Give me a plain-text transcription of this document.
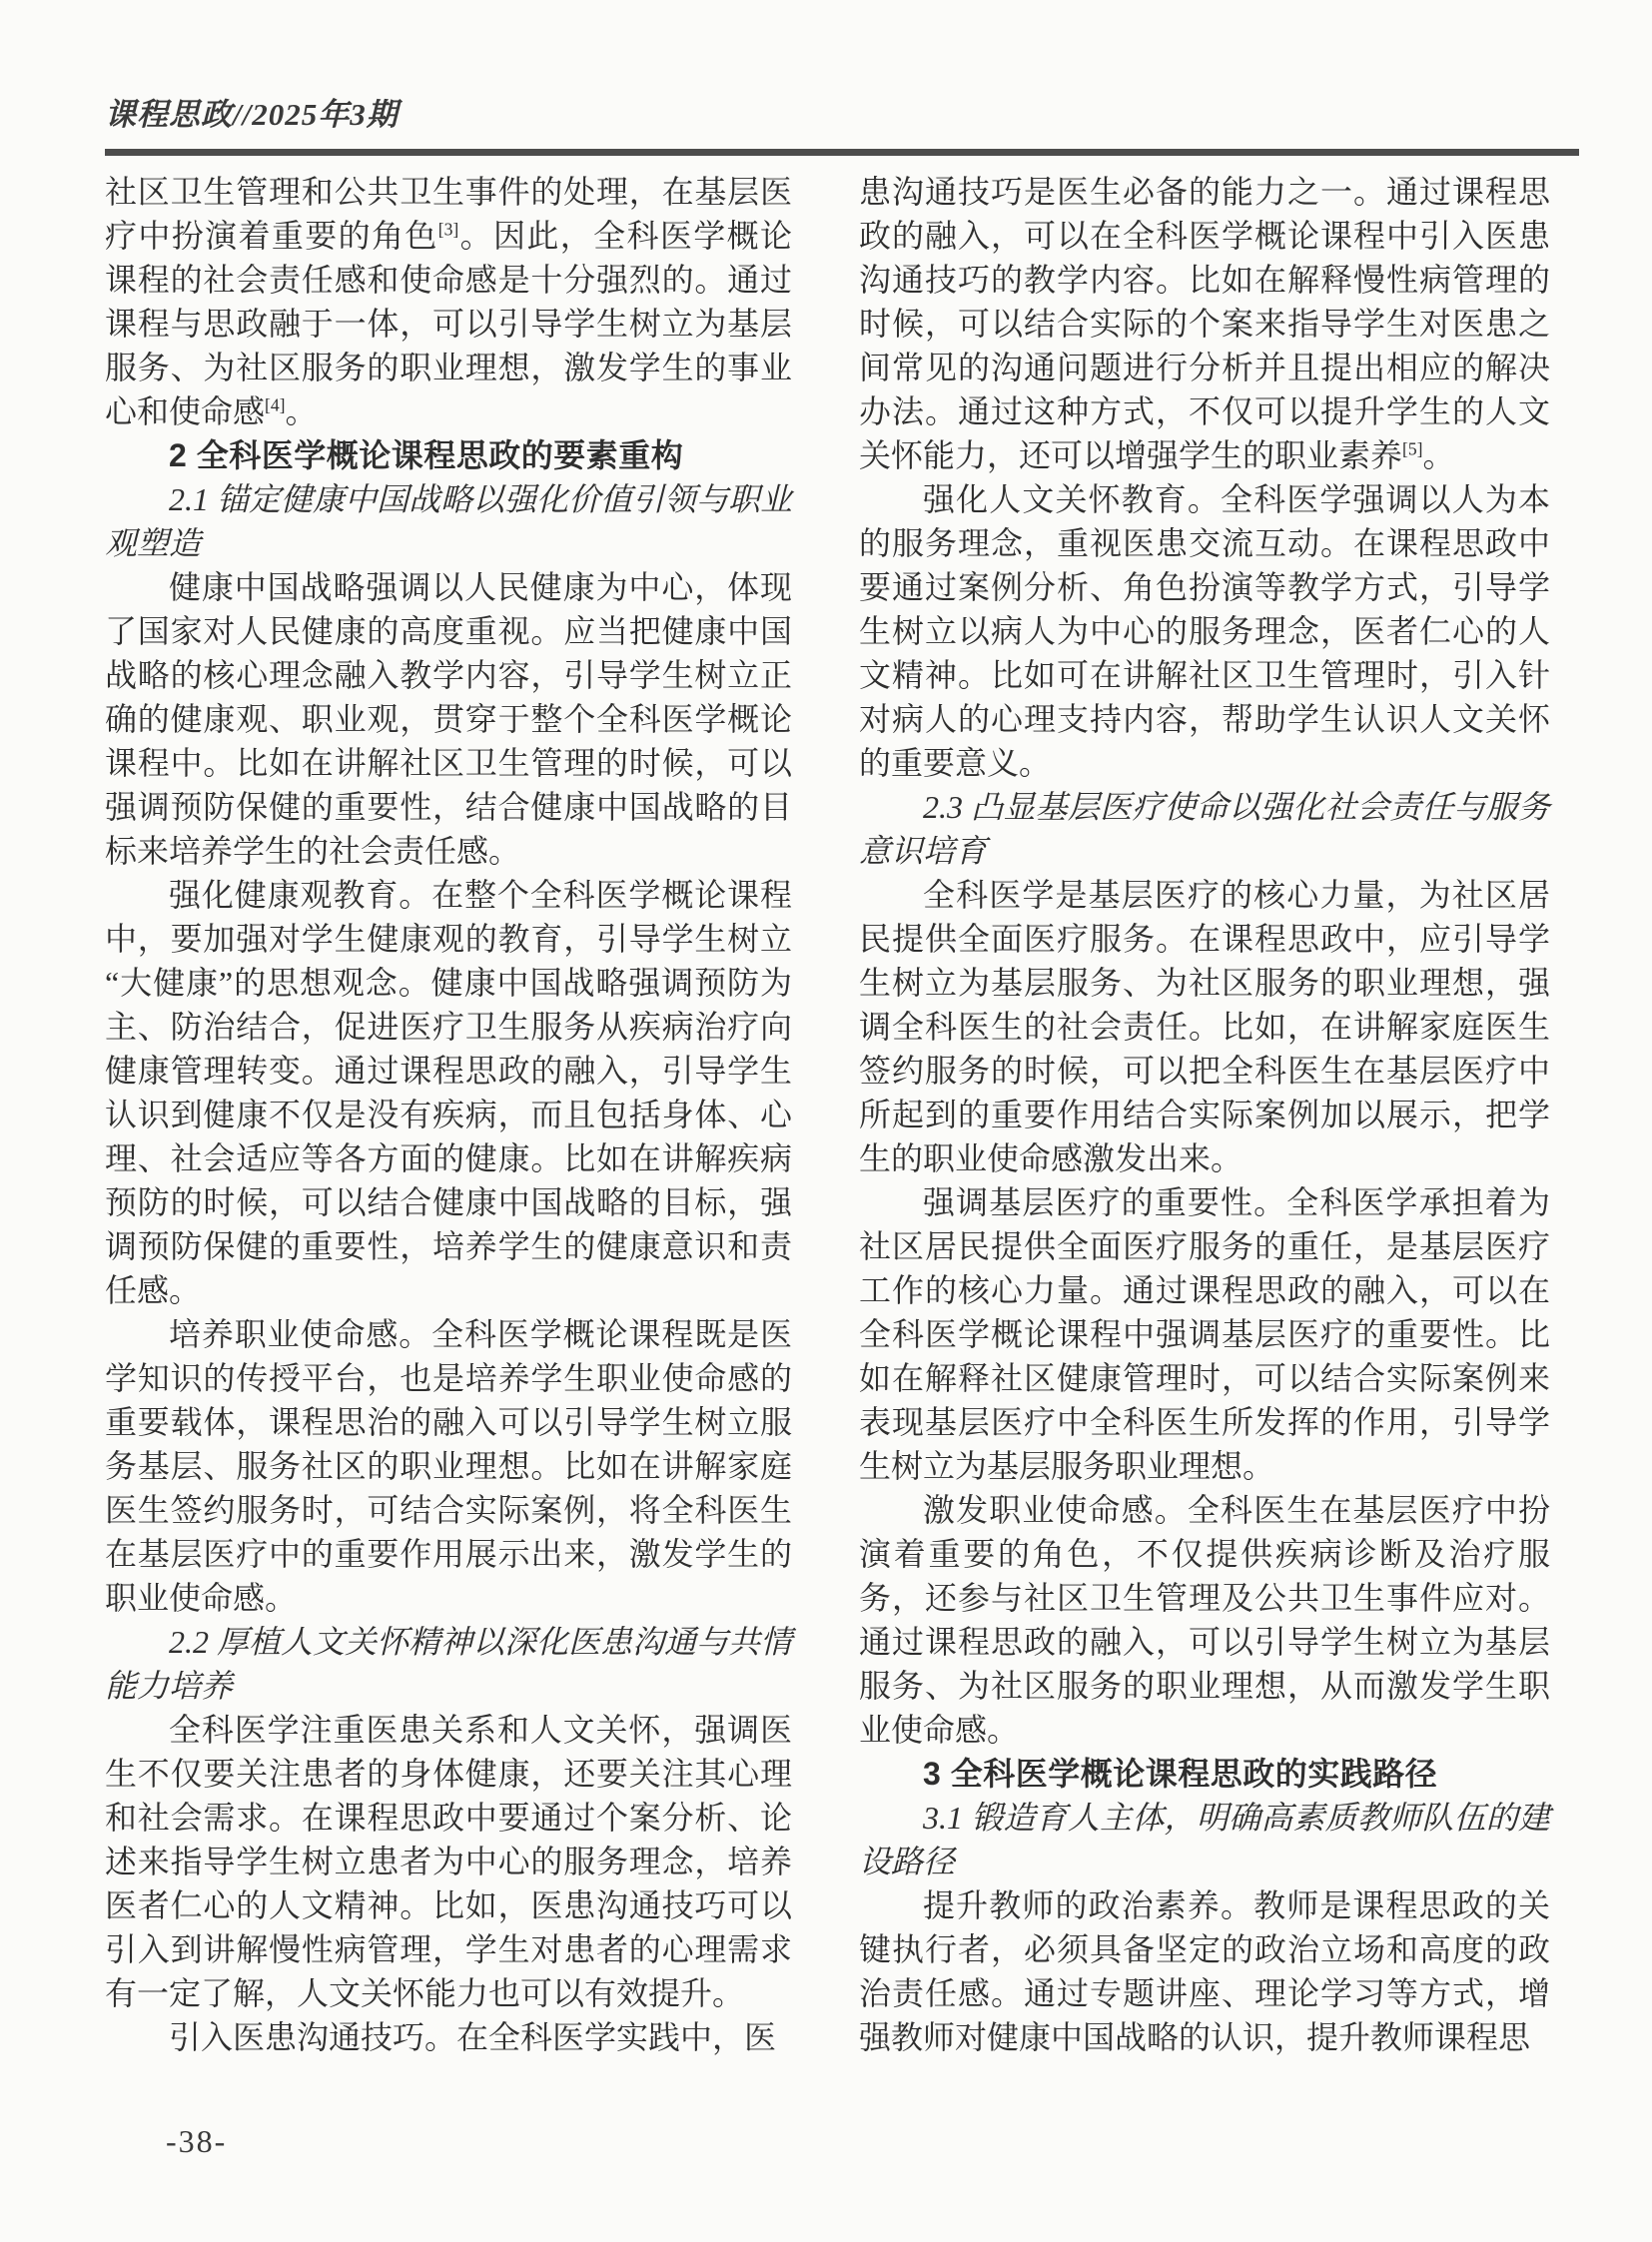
课程思政//2025年3期

社区卫生管理和公共卫生事件的处理，在基层医疗中扮演着重要的角色[3]。因此，全科医学概论课程的社会责任感和使命感是十分强烈的。通过课程与思政融于一体，可以引导学生树立为基层服务、为社区服务的职业理想，激发学生的事业心和使命感[4]。

2 全科医学概论课程思政的要素重构

2.1 锚定健康中国战略以强化价值引领与职业观塑造

健康中国战略强调以人民健康为中心，体现了国家对人民健康的高度重视。应当把健康中国战略的核心理念融入教学内容，引导学生树立正确的健康观、职业观，贯穿于整个全科医学概论课程中。比如在讲解社区卫生管理的时候，可以强调预防保健的重要性，结合健康中国战略的目标来培养学生的社会责任感。

强化健康观教育。在整个全科医学概论课程中，要加强对学生健康观的教育，引导学生树立“大健康”的思想观念。健康中国战略强调预防为主、防治结合，促进医疗卫生服务从疾病治疗向健康管理转变。通过课程思政的融入，引导学生认识到健康不仅是没有疾病，而且包括身体、心理、社会适应等各方面的健康。比如在讲解疾病预防的时候，可以结合健康中国战略的目标，强调预防保健的重要性，培养学生的健康意识和责任感。

培养职业使命感。全科医学概论课程既是医学知识的传授平台，也是培养学生职业使命感的重要载体，课程思治的融入可以引导学生树立服务基层、服务社区的职业理想。比如在讲解家庭医生签约服务时，可结合实际案例，将全科医生在基层医疗中的重要作用展示出来，激发学生的职业使命感。

2.2 厚植人文关怀精神以深化医患沟通与共情能力培养

全科医学注重医患关系和人文关怀，强调医生不仅要关注患者的身体健康，还要关注其心理和社会需求。在课程思政中要通过个案分析、论述来指导学生树立患者为中心的服务理念，培养医者仁心的人文精神。比如，医患沟通技巧可以引入到讲解慢性病管理，学生对患者的心理需求有一定了解，人文关怀能力也可以有效提升。

引入医患沟通技巧。在全科医学实践中，医

患沟通技巧是医生必备的能力之一。通过课程思政的融入，可以在全科医学概论课程中引入医患沟通技巧的教学内容。比如在解释慢性病管理的时候，可以结合实际的个案来指导学生对医患之间常见的沟通问题进行分析并且提出相应的解决办法。通过这种方式，不仅可以提升学生的人文关怀能力，还可以增强学生的职业素养[5]。

强化人文关怀教育。全科医学强调以人为本的服务理念，重视医患交流互动。在课程思政中要通过案例分析、角色扮演等教学方式，引导学生树立以病人为中心的服务理念，医者仁心的人文精神。比如可在讲解社区卫生管理时，引入针对病人的心理支持内容，帮助学生认识人文关怀的重要意义。

2.3 凸显基层医疗使命以强化社会责任与服务意识培育

全科医学是基层医疗的核心力量，为社区居民提供全面医疗服务。在课程思政中，应引导学生树立为基层服务、为社区服务的职业理想，强调全科医生的社会责任。比如，在讲解家庭医生签约服务的时候，可以把全科医生在基层医疗中所起到的重要作用结合实际案例加以展示，把学生的职业使命感激发出来。

强调基层医疗的重要性。全科医学承担着为社区居民提供全面医疗服务的重任，是基层医疗工作的核心力量。通过课程思政的融入，可以在全科医学概论课程中强调基层医疗的重要性。比如在解释社区健康管理时，可以结合实际案例来表现基层医疗中全科医生所发挥的作用，引导学生树立为基层服务职业理想。

激发职业使命感。全科医生在基层医疗中扮演着重要的角色，不仅提供疾病诊断及治疗服务，还参与社区卫生管理及公共卫生事件应对。通过课程思政的融入，可以引导学生树立为基层服务、为社区服务的职业理想，从而激发学生职业使命感。

3 全科医学概论课程思政的实践路径

3.1 锻造育人主体，明确高素质教师队伍的建设路径

提升教师的政治素养。教师是课程思政的关键执行者，必须具备坚定的政治立场和高度的政治责任感。通过专题讲座、理论学习等方式，增强教师对健康中国战略的认识，提升教师课程思

-38-
